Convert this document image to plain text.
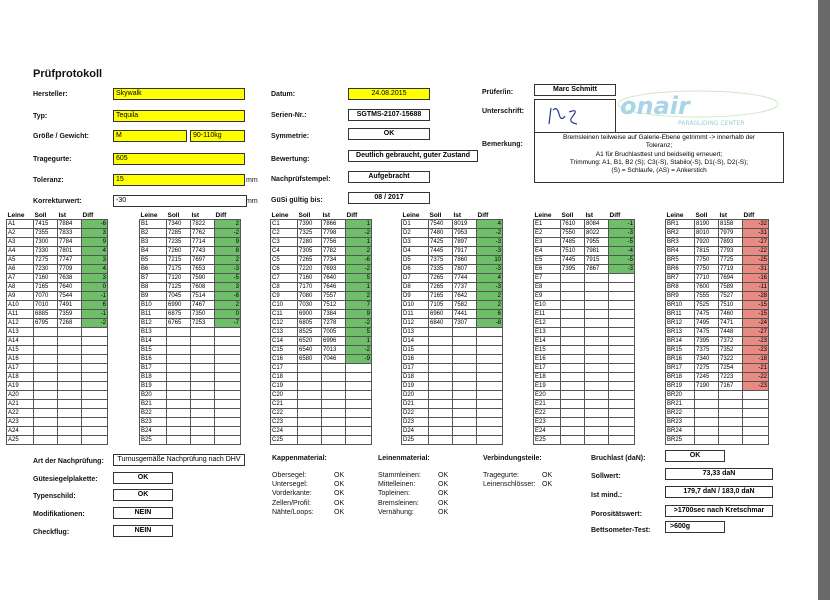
Prüfprotokoll
Hersteller:	Skywalk
Typ:	Tequila
Größe / Gewicht:	M	90-110kg
Tragegurte:	605
Toleranz:	15	mm
Korrekturwert:	-30	mm
Datum:	24.08.2015
Serien-Nr.:	SGTMS-2107-15688
Symmetrie:	OK
Bewertung:
Deutlich gebraucht, guter Zustand
Nachprüfstempel:	Aufgebracht
GüSi gültig bis:	08 / 2017
Prüfer/in:	Marc Schmitt
Unterschrift:	onair
PARAGLIDING CENTER
Bemerkung:
Bremsleinen teilweise auf Galerie-Ebene getrimmt -> innerhalb der
Toleranz;
A1 für Bruchlasttest und beidseitig erneuert;
Trimmung: A1, B1, B2 (S); C3(-S), Stabilo(-S), D1(-S), D2(-S);
(S) = Schlaufe, (AS) = Ankerstich
Leine	Soll	Ist	Diff
A1	7415	7884	-6
A2	7355	7833	3
A3	7300	7784	9
A4	7330	7801	4
A5	7275	7747	3
A6	7230	7709	4
A7	7160	7638	3
A8	7165	7640	0
A9	7070	7544	-1
A10	7010	7491	6
A11	6885	7359	-1
A12	6795	7268	-2
A13			
A14			
A15			
A16			
A17			
A18			
A19			
A20			
A21			
A22			
A23			
A24			
A25			
Leine	Soll	Ist	Diff
B1	7340	7822	2
B2	7285	7762	-2
B3	7235	7714	9
B4	7260	7743	8
B5	7215	7697	2
B6	7175	7653	-3
B7	7120	7590	-5
B8	7125	7608	3
B9	7045	7514	-6
B10	6990	7467	2
B11	6875	7350	0
B12	6765	7253	-7
B13			
B14			
B15			
B16			
B17			
B18			
B19			
B20			
B21			
B22			
B23			
B24			
B25			
Leine	Soll	Ist	Diff
C1	7390	7866	1
C2	7325	7798	-2
C3	7280	7756	1
C4	7305	7782	2
C5	7265	7734	-6
C6	7220	7693	-2
C7	7160	7640	5
C8	7170	7646	1
C9	7080	7557	2
C10	7030	7512	7
C11	6900	7384	9
C12	6805	7278	-2
C13	8525	7005	5
C14	6520	6996	1
C15	6540	7013	-2
C16	6580	7046	-9
C17			
C18			
C19			
C20			
C21			
C22			
C23			
C24			
C25			
Leine	Soll	Ist	Diff
D1	7540	8019	4
D2	7480	7953	-2
D3	7425	7897	-3
D4	7445	7917	-3
D5	7375	7860	10
D6	7335	7807	-3
D7	7265	7744	4
D8	7265	7737	-3
D9	7165	7642	2
D10	7105	7582	2
D11	6960	7441	6
D12	6840	7307	-8
D13			
D14			
D15			
D16			
D17			
D18			
D19			
D20			
D21			
D22			
D23			
D24			
D25			
Leine	Soll	Ist	Diff
E1	7610	8084	-1
E2	7550	8022	-3
E3	7485	7955	-5
E4	7510	7981	-4
E5	7445	7915	-5
E6	7395	7867	-3
E7			
E8			
E9			
E10			
E11			
E12			
E13			
E14			
E15			
E16			
E17			
E18			
E19			
E20			
E21			
E22			
E23			
E24			
E25			
Leine	Soll	Ist	Diff
BR1	8190	8158	-32
BR2	8010	7979	-31
BR3	7920	7893	-27
BR4	7815	7793	-22
BR5	7750	7725	-25
BR6	7750	7719	-31
BR7	7710	7694	-16
BR8	7600	7589	-11
BR9	7555	7527	-28
BR10	7525	7510	-15
BR11	7475	7460	-15
BR12	7495	7471	-24
BR13	7475	7448	-27
BR14	7395	7372	-23
BR15	7375	7352	-23
BR16	7340	7322	-18
BR17	7275	7254	-21
BR18	7245	7223	-22
BR19	7190	7167	-23
BR20			
BR21			
BR22			
BR23			
BR24			
BR25			
Art der Nachprüfung:	Turnusgemäße Nachprüfung nach DHV
Gütesiegelplakette:	OK
Typenschild:	OK
Modifikationen:	NEIN
Checkflug:	NEIN
Kappenmaterial:
Obersegel:	OK
Untersegel:	OK
Vorderkante:	OK
Zellen/Profil:	OK
Nähte/Loops:	OK
Leinenmaterial:
Stammleinen: OK
Mittelleinen:	OK
Topleinen:	OK
Bremsleinen:	OK
Vernähung:	OK
Verbindungsteile:
Tragegurte:	OK
Leinenschlösser: OK
Bruchlast (daN):	OK
Sollwert:	73,33 daN
Ist mind.:
179,7 daN / 183,0 daN
Porositätswert:
>1700sec nach Kretschmar
Bettsometer-Test:
>600g
